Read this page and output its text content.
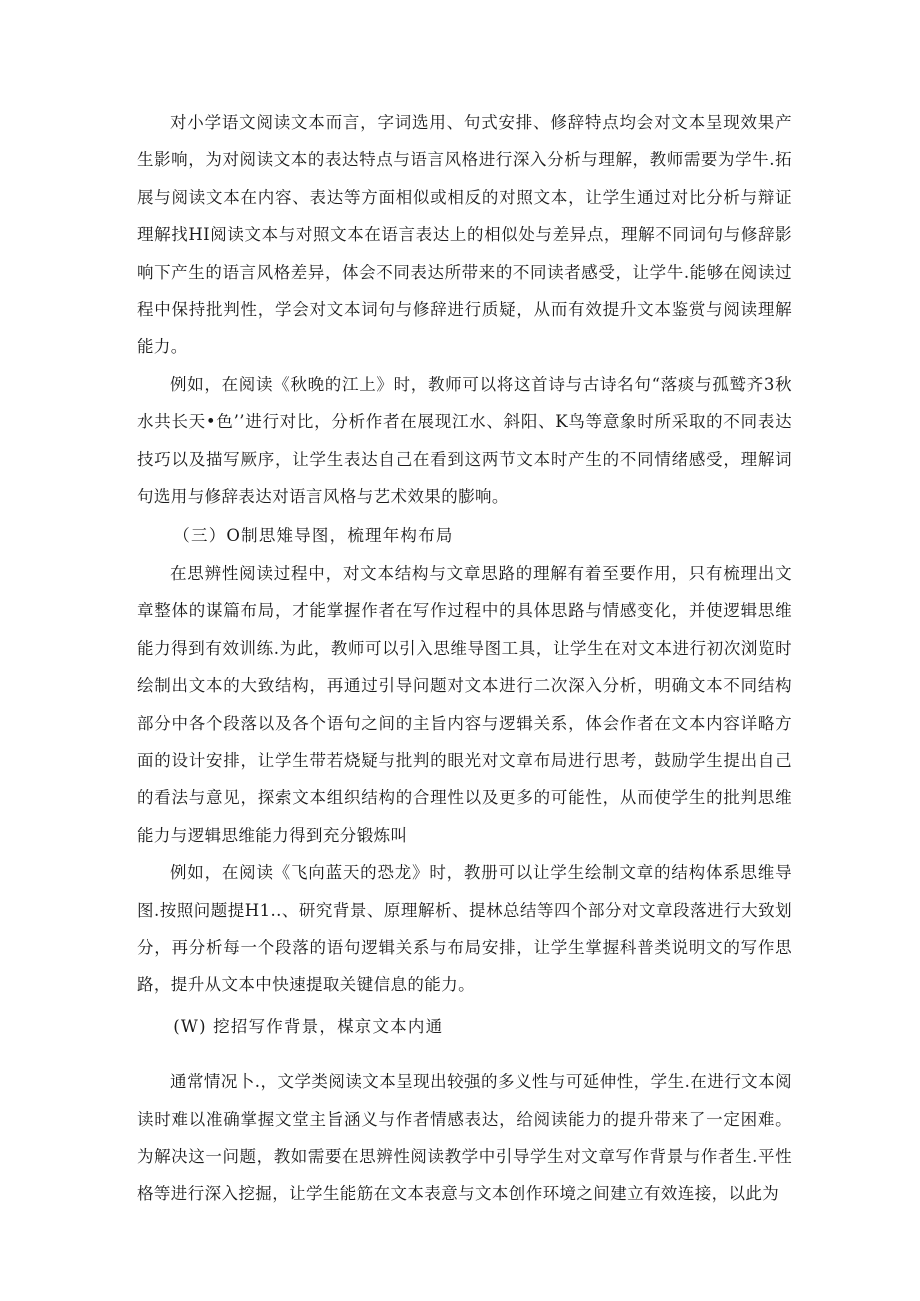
对小学语文阅读文本而言，字词选用、句式安排、修辞特点均会对文本呈现效果产生影响，为对阅读文本的表达特点与语言风格进行深入分析与理解，教师需要为学牛.拓展与阅读文本在内容、表达等方面相似或相反的对照文本，让学生通过对比分析与辩证理解找HI阅读文本与对照文本在语言表达上的相似处与差异点，理解不同词句与修辞影响下产生的语言风格差异，体会不同表达所带来的不同读者感受，让学牛.能够在阅读过程中保持批判性，学会对文本词句与修辞进行质疑，从而有效提升文本鉴赏与阅读理解能力。

例如，在阅读《秋晚的江上》时，教师可以将这首诗与古诗名句“落痰与孤鹫齐3秋水共长天•色’’进行对比，分析作者在展现江水、斜阳、K鸟等意象时所采取的不同表达技巧以及描写厥序，让学生表达自己在看到这两节文本时产生的不同情绪感受，理解词句选用与修辞表达对语言风格与艺术效果的膨响。

（三）O制思雉导图，梳理年构布局

在思辨性阅读过程中，对文本结构与文章思路的理解有着至要作用，只有梳理出文章整体的谋篇布局，才能掌握作者在写作过程中的具体思路与情感变化，并使逻辑思维能力得到有效训练.为此，教师可以引入思维导图工具，让学生在对文本进行初次浏览时绘制出文本的大致结构，再通过引导问题对文本进行二次深入分析，明确文本不同结构部分中各个段落以及各个语句之间的主旨内容与逻辑关系，体会作者在文本内容详略方面的设计安排，让学生带若烧疑与批判的眼光对文章布局进行思考，鼓励学生提出自己的看法与意见，探索文本组织结构的合理性以及更多的可能性，从而使学生的批判思维能力与逻辑思维能力得到充分锻炼叫

例如，在阅读《飞向蓝天的恐龙》时，教册可以让学生绘制文章的结构体系思维导图.按照问题提H1..、研究背景、原理解析、提林总结等四个部分对文章段落进行大致划分，再分析每一个段落的语句逻辑关系与布局安排，让学生掌握科普类说明文的写作思路，提升从文本中快速提取关键信息的能力。

(W) 挖招写作背景，楳京文本内通

通常情况卜.，文学类阅读文本呈现出较强的多义性与可延伸性，学生.在进行文本阅读时难以准确掌握文堂主旨涵义与作者情感表达，给阅读能力的提升带来了一定困难。为解决这一问题，教如需要在思辨性阅读教学中引导学生对文章写作背景与作者生.平性格等进行深入挖掘，让学生能筋在文本表意与文本创作环境之间建立有效连接，以此为
